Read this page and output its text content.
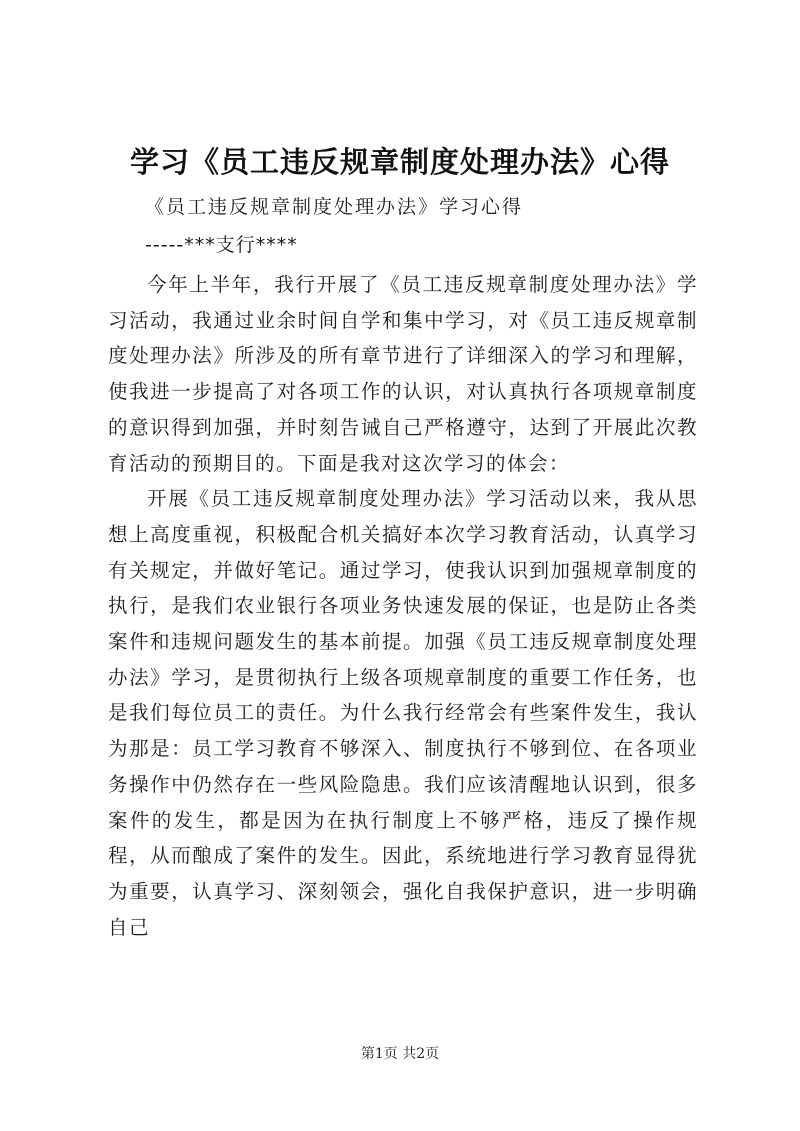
学习《员工违反规章制度处理办法》心得
《员工违反规章制度处理办法》学习心得
-----***支行****

今年上半年，我行开展了《员工违反规章制度处理办法》学习活动，我通过业余时间自学和集中学习，对《员工违反规章制度处理办法》所涉及的所有章节进行了详细深入的学习和理解，使我进一步提高了对各项工作的认识，对认真执行各项规章制度的意识得到加强，并时刻告诫自己严格遵守，达到了开展此次教育活动的预期目的。下面是我对这次学习的体会：

开展《员工违反规章制度处理办法》学习活动以来，我从思想上高度重视，积极配合机关搞好本次学习教育活动，认真学习有关规定，并做好笔记。通过学习，使我认识到加强规章制度的执行，是我们农业银行各项业务快速发展的保证，也是防止各类案件和违规问题发生的基本前提。加强《员工违反规章制度处理办法》学习，是贯彻执行上级各项规章制度的重要工作任务，也是我们每位员工的责任。为什么我行经常会有些案件发生，我认为那是：员工学习教育不够深入、制度执行不够到位、在各项业务操作中仍然存在一些风险隐患。我们应该清醒地认识到，很多案件的发生，都是因为在执行制度上不够严格，违反了操作规程，从而酿成了案件的发生。因此，系统地进行学习教育显得犹为重要，认真学习、深刻领会，强化自我保护意识，进一步明确自己

第1页 共2页
